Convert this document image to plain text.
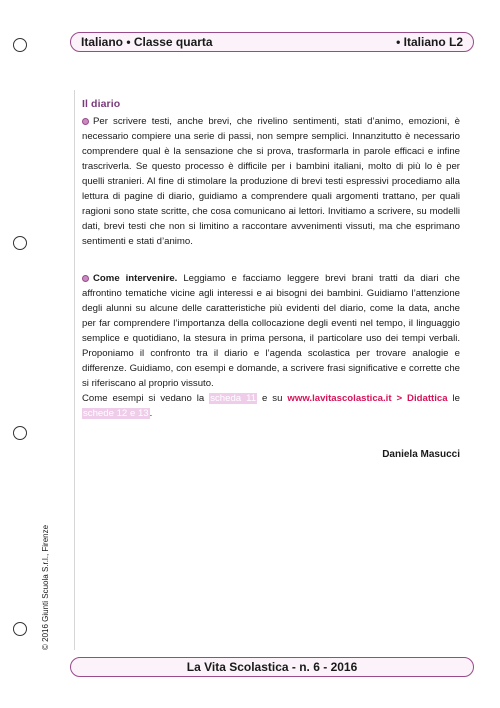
Italiano • Classe quarta	• Italiano L2
Il diario

Per scrivere testi, anche brevi, che rivelino sentimenti, stati d’animo, emozioni, è necessario compiere una serie di passi, non sempre semplici. Innanzitutto è necessario comprendere qual è la sensazione che si prova, trasformarla in parole efficaci e infine trascriverla. Se questo processo è difficile per i bambini italiani, molto di più lo è per quelli stranieri. Al fine di stimolare la produzione di brevi testi espressivi procediamo alla lettura di pagine di diario, guidiamo a comprendere quali argomenti trattano, per quali ragioni sono state scritte, che cosa comunicano ai lettori. Invitiamo a scrivere, su modelli dati, brevi testi che non si limitino a raccontare avvenimenti vissuti, ma che esprimano sentimenti e stati d’animo.

Come intervenire. Leggiamo e facciamo leggere brevi brani tratti da diari che affrontino tematiche vicine agli interessi e ai bisogni dei bambini. Guidiamo l’attenzione degli alunni su alcune delle caratteristiche più evidenti del diario, come la data, anche per far comprendere l’importanza della collocazione degli eventi nel tempo, il linguaggio semplice e quotidiano, la stesura in prima persona, il particolare uso dei tempi verbali. Proponiamo il confronto tra il diario e l’agenda scolastica per trovare analogie e differenze. Guidiamo, con esempi e domande, a scrivere frasi significative e corrette che si riferiscano al proprio vissuto.

Come esempi si vedano la scheda 11 e su www.lavitascolastica.it > Didattica le schede 12 e 13.

Daniela Masucci
© 2016 Giunti Scuola S.r.l., Firenze
La Vita Scolastica - n. 6 - 2016
